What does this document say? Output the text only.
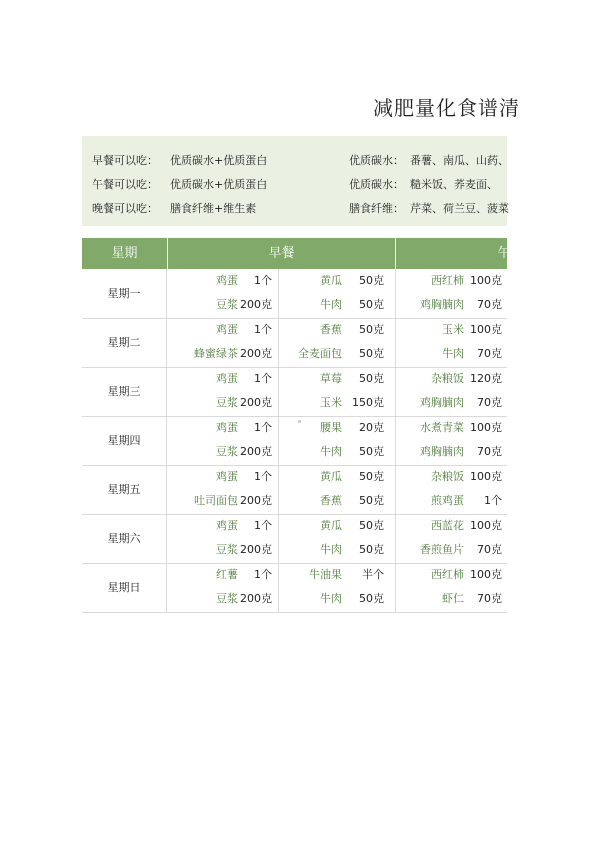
减肥量化食谱清
早餐可以吃： 优质碳水+优质蛋白	优质碳水： 番薯、南瓜、山药、
午餐可以吃： 优质碳水+优质蛋白	优质碳水： 糙米饭、荞麦面、
晚餐可以吃： 膳食纤维+维生素	膳食纤维： 芹菜、荷兰豆、菠菜
星期	早餐	午
星期一
鸡蛋 1个	黄瓜 50克	西红柿 100克
豆浆 200克	牛肉 50克	鸡胸腩肉 70克
星期二
鸡蛋 1个	香蕉 50克	玉米 100克
蜂蜜绿茶 200克 全麦面包 50克	牛肉 70克
星期三
鸡蛋 1个	草莓 50克	杂粮饭 120克
豆浆 200克	玉米 150克	鸡胸腩肉 70克
星期四
鸡蛋 1个	腰果 20克	水煮青菜 100克
豆浆 200克	牛肉 50克	鸡胸腩肉 70克
星期五
鸡蛋 1个	黄瓜 50克	杂粮饭 100克
吐司面包 200克	香蕉 50克	煎鸡蛋 1个
星期六
鸡蛋 1个	黄瓜 50克	西蓝花 100克
豆浆 200克	牛肉 50克	香煎鱼片 70克
星期日
红薯 1个	牛油果 半个	西红柿 100克
豆浆 200克	牛肉 50克	虾仁 70克
